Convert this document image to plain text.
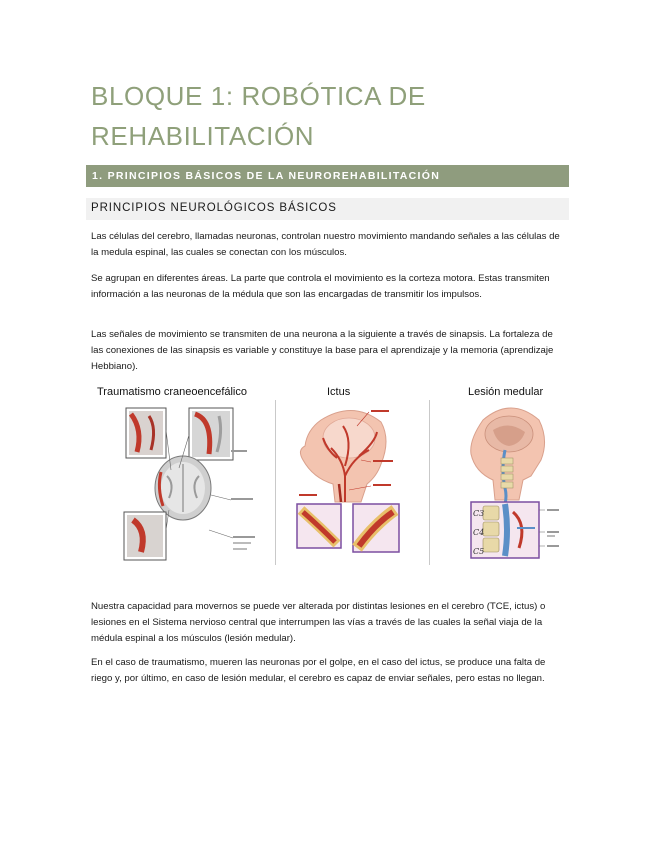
BLOQUE 1: ROBÓTICA DE
REHABILITACIÓN
1. PRINCIPIOS BÁSICOS DE LA NEUROREHABILITACIÓN
PRINCIPIOS NEUROLÓGICOS BÁSICOS

Las células del cerebro, llamadas neuronas, controlan nuestro movimiento mandando señales a las células de la medula espinal, las cuales se conectan con los músculos.

Se agrupan en diferentes áreas. La parte que controla el movimiento es la corteza motora. Estas transmiten información a las neuronas de la médula que son las encargadas de transmitir los impulsos.

Las señales de movimiento se transmiten de una neurona a la siguiente a través de sinapsis. La fortaleza de las conexiones de las sinapsis es variable y constituye la base para el aprendizaje y la memoria (aprendizaje Hebbiano).

C3
C4
C5
Traumatismo craneoencefálico	Ictus	Lesión medular

Nuestra capacidad para movernos se puede ver alterada por distintas lesiones en el cerebro (TCE, ictus) o lesiones en el Sistema nervioso central que interrumpen las vías a través de las cuales la señal viaja de la médula espinal a los músculos (lesión medular).

En el caso de traumatismo, mueren las neuronas por el golpe, en el caso del ictus, se produce una falta de riego y, por último, en caso de lesión medular, el cerebro es capaz de enviar señales, pero estas no llegan.
